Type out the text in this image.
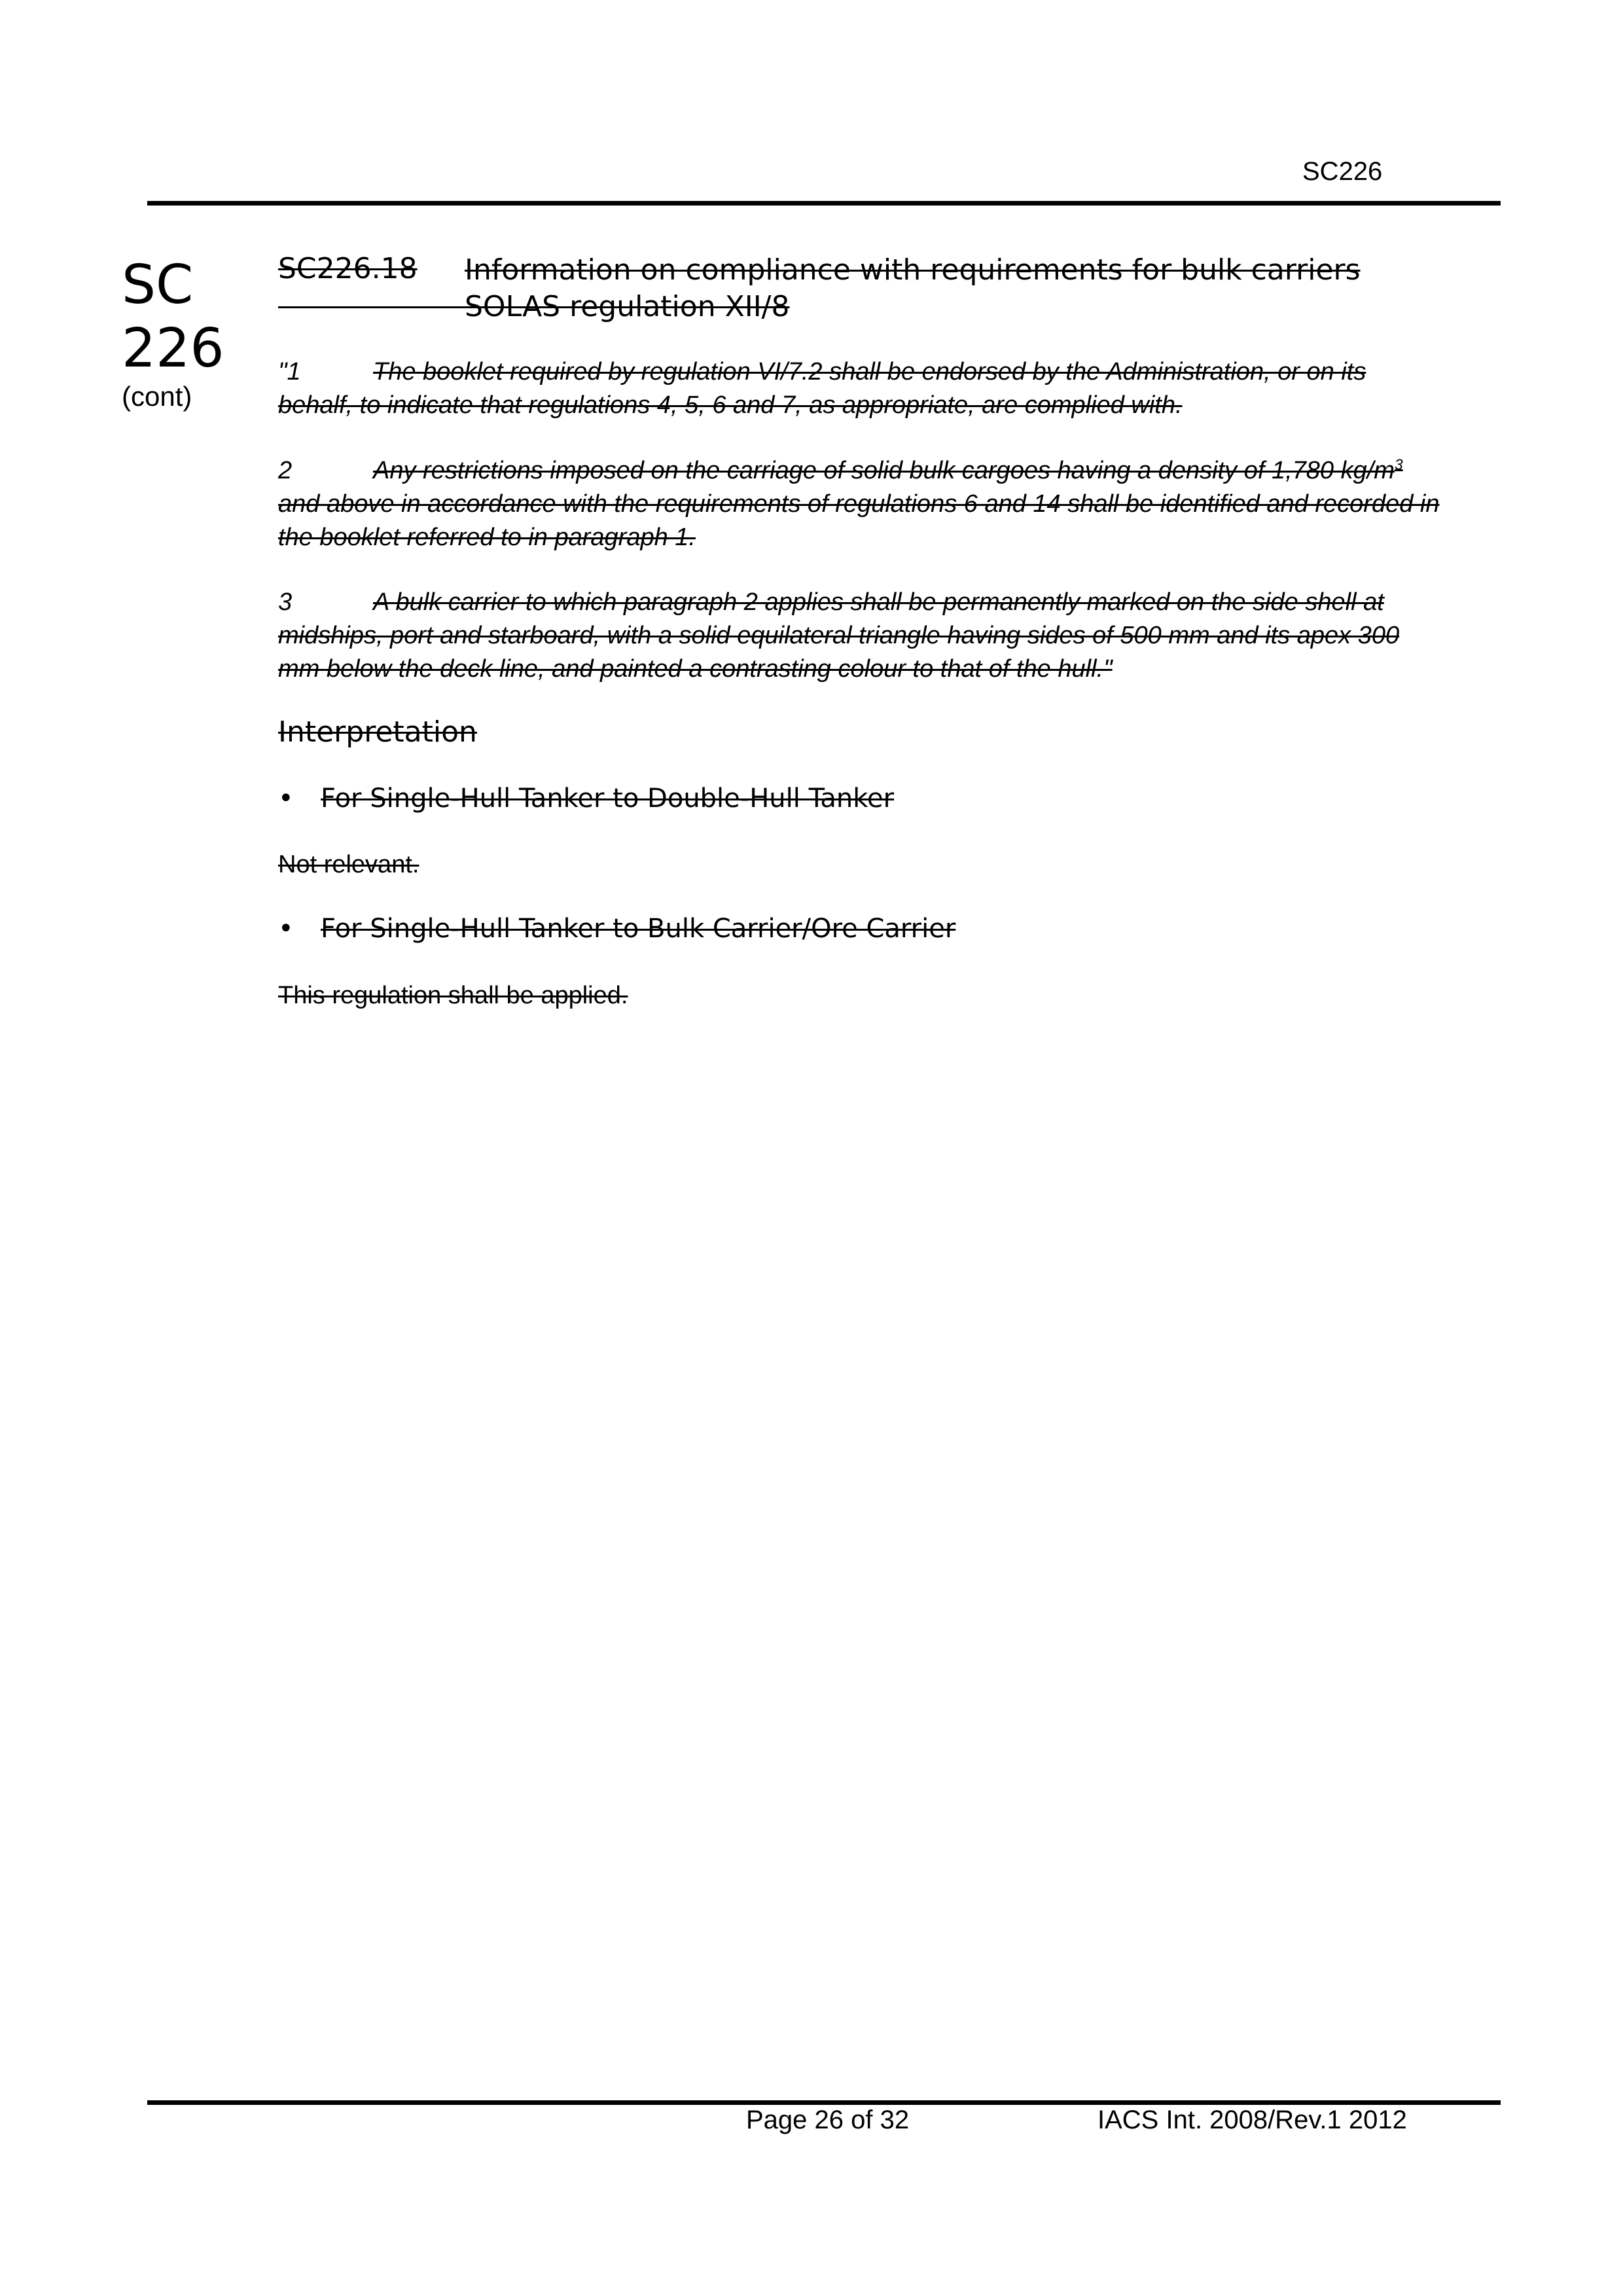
SC226
SC
226
(cont)
SC226.18 Information on compliance with requirements for bulk carriers SOLAS regulation XII/8
"1	The booklet required by regulation VI/7.2 shall be endorsed by the Administration, or on its behalf, to indicate that regulations 4, 5, 6 and 7, as appropriate, are complied with.
2	Any restrictions imposed on the carriage of solid bulk cargoes having a density of 1,780 $kg/m^3$ and above in accordance with the requirements of regulations 6 and 14 shall be identified and recorded in the booklet referred to in paragraph 1.
3	A bulk carrier to which paragraph 2 applies shall be permanently marked on the side shell at midships, port and starboard, with a solid equilateral triangle having sides of 500 mm and its apex 300 mm below the deck line, and painted a contrasting colour to that of the hull."
Interpretation
• For Single-Hull Tanker to Double-Hull Tanker
Not relevant.
• For Single-Hull Tanker to Bulk Carrier/Ore Carrier
This regulation shall be applied.
Page 26 of 32	IACS Int. 2008/Rev.1 2012
